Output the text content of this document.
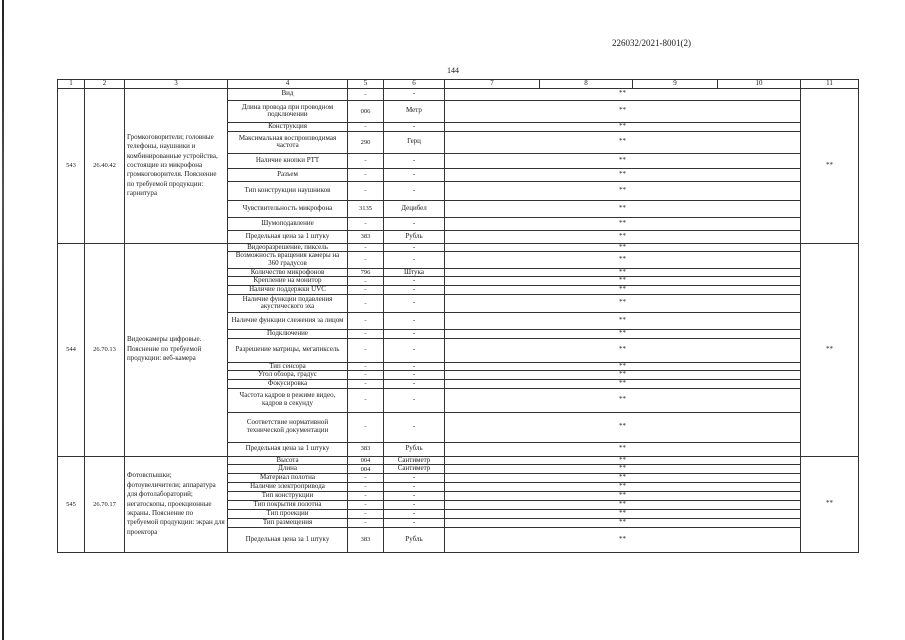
226032/2021-8001(2)
144
1	2	3	4	5	6	7	8	9	10	11
543	26.40.42	Громкоговорители; головные телефоны, наушники и комбинированные устройства, состоящие из микрофона громкоговорителя. Пояснение по требуемой продукции: гарнитура	Вид	-	-	**				**
			Длина провода при проводном подключении	006	Метр	**				
			Конструкция	-	-	**				
			Максимальная воспроизводимая частота	290	Герц	**				
			Наличие кнопки PTT	-	-	**				
			Разъем	-	-	**				
			Тип конструкции наушников	-	-	**				
			Чувствительность микрофона	3135	Децибел	**				
			Шумоподавление	-	-	**				
			Предельная цена за 1 штуку	383	Рубль	**				
544	26.70.13	Видеокамеры цифровые. Пояснение по требуемой продукции: веб-камера	Видеоразрешение, пиксель	-	-	**				**
			Возможность вращения камеры на 360 градусов	-	-	**				
			Количество микрофонов	796	Штука	**				
			Крепление на монитор	-	-	**				
			Наличие поддержки UVC	-	-	**				
			Наличие функции подавления акустического эха	-	-	**				
			Наличие функции слежения за лицом	-	-	**				
			Подключение	-	-	**				
			Разрешение матрицы, мегапиксель	-	-	**				
			Тип сенсора	-	-	**				
			Угол обзора, градус	-	-	**				
			Фокусировка	-	-	**				
			Частота кадров в режиме видео, кадров в секунду	-	-	**				
			Соответствие нормативной технической документации	-	-	**				
			Предельная цена за 1 штуку	383	Рубль	**				
545	26.70.17	Фотовспышки; фотоувеличители; аппаратура для фотолабораторий; негатоскопы, проекционные экраны. Пояснение по требуемой продукции: экран для проектора	Высота	004	Сантиметр	**				**
			Длина	004	Сантиметр	**				
			Материал полотна	-	-	**				
			Наличие электропривода	-	-	**				
			Тип конструкции	-	-	**				
			Тип покрытия полотна	-	-	**				
			Тип проекции	-	-	**				
			Тип размещения	-	-	**				
			Предельная цена за 1 штуку	383	Рубль	**				
